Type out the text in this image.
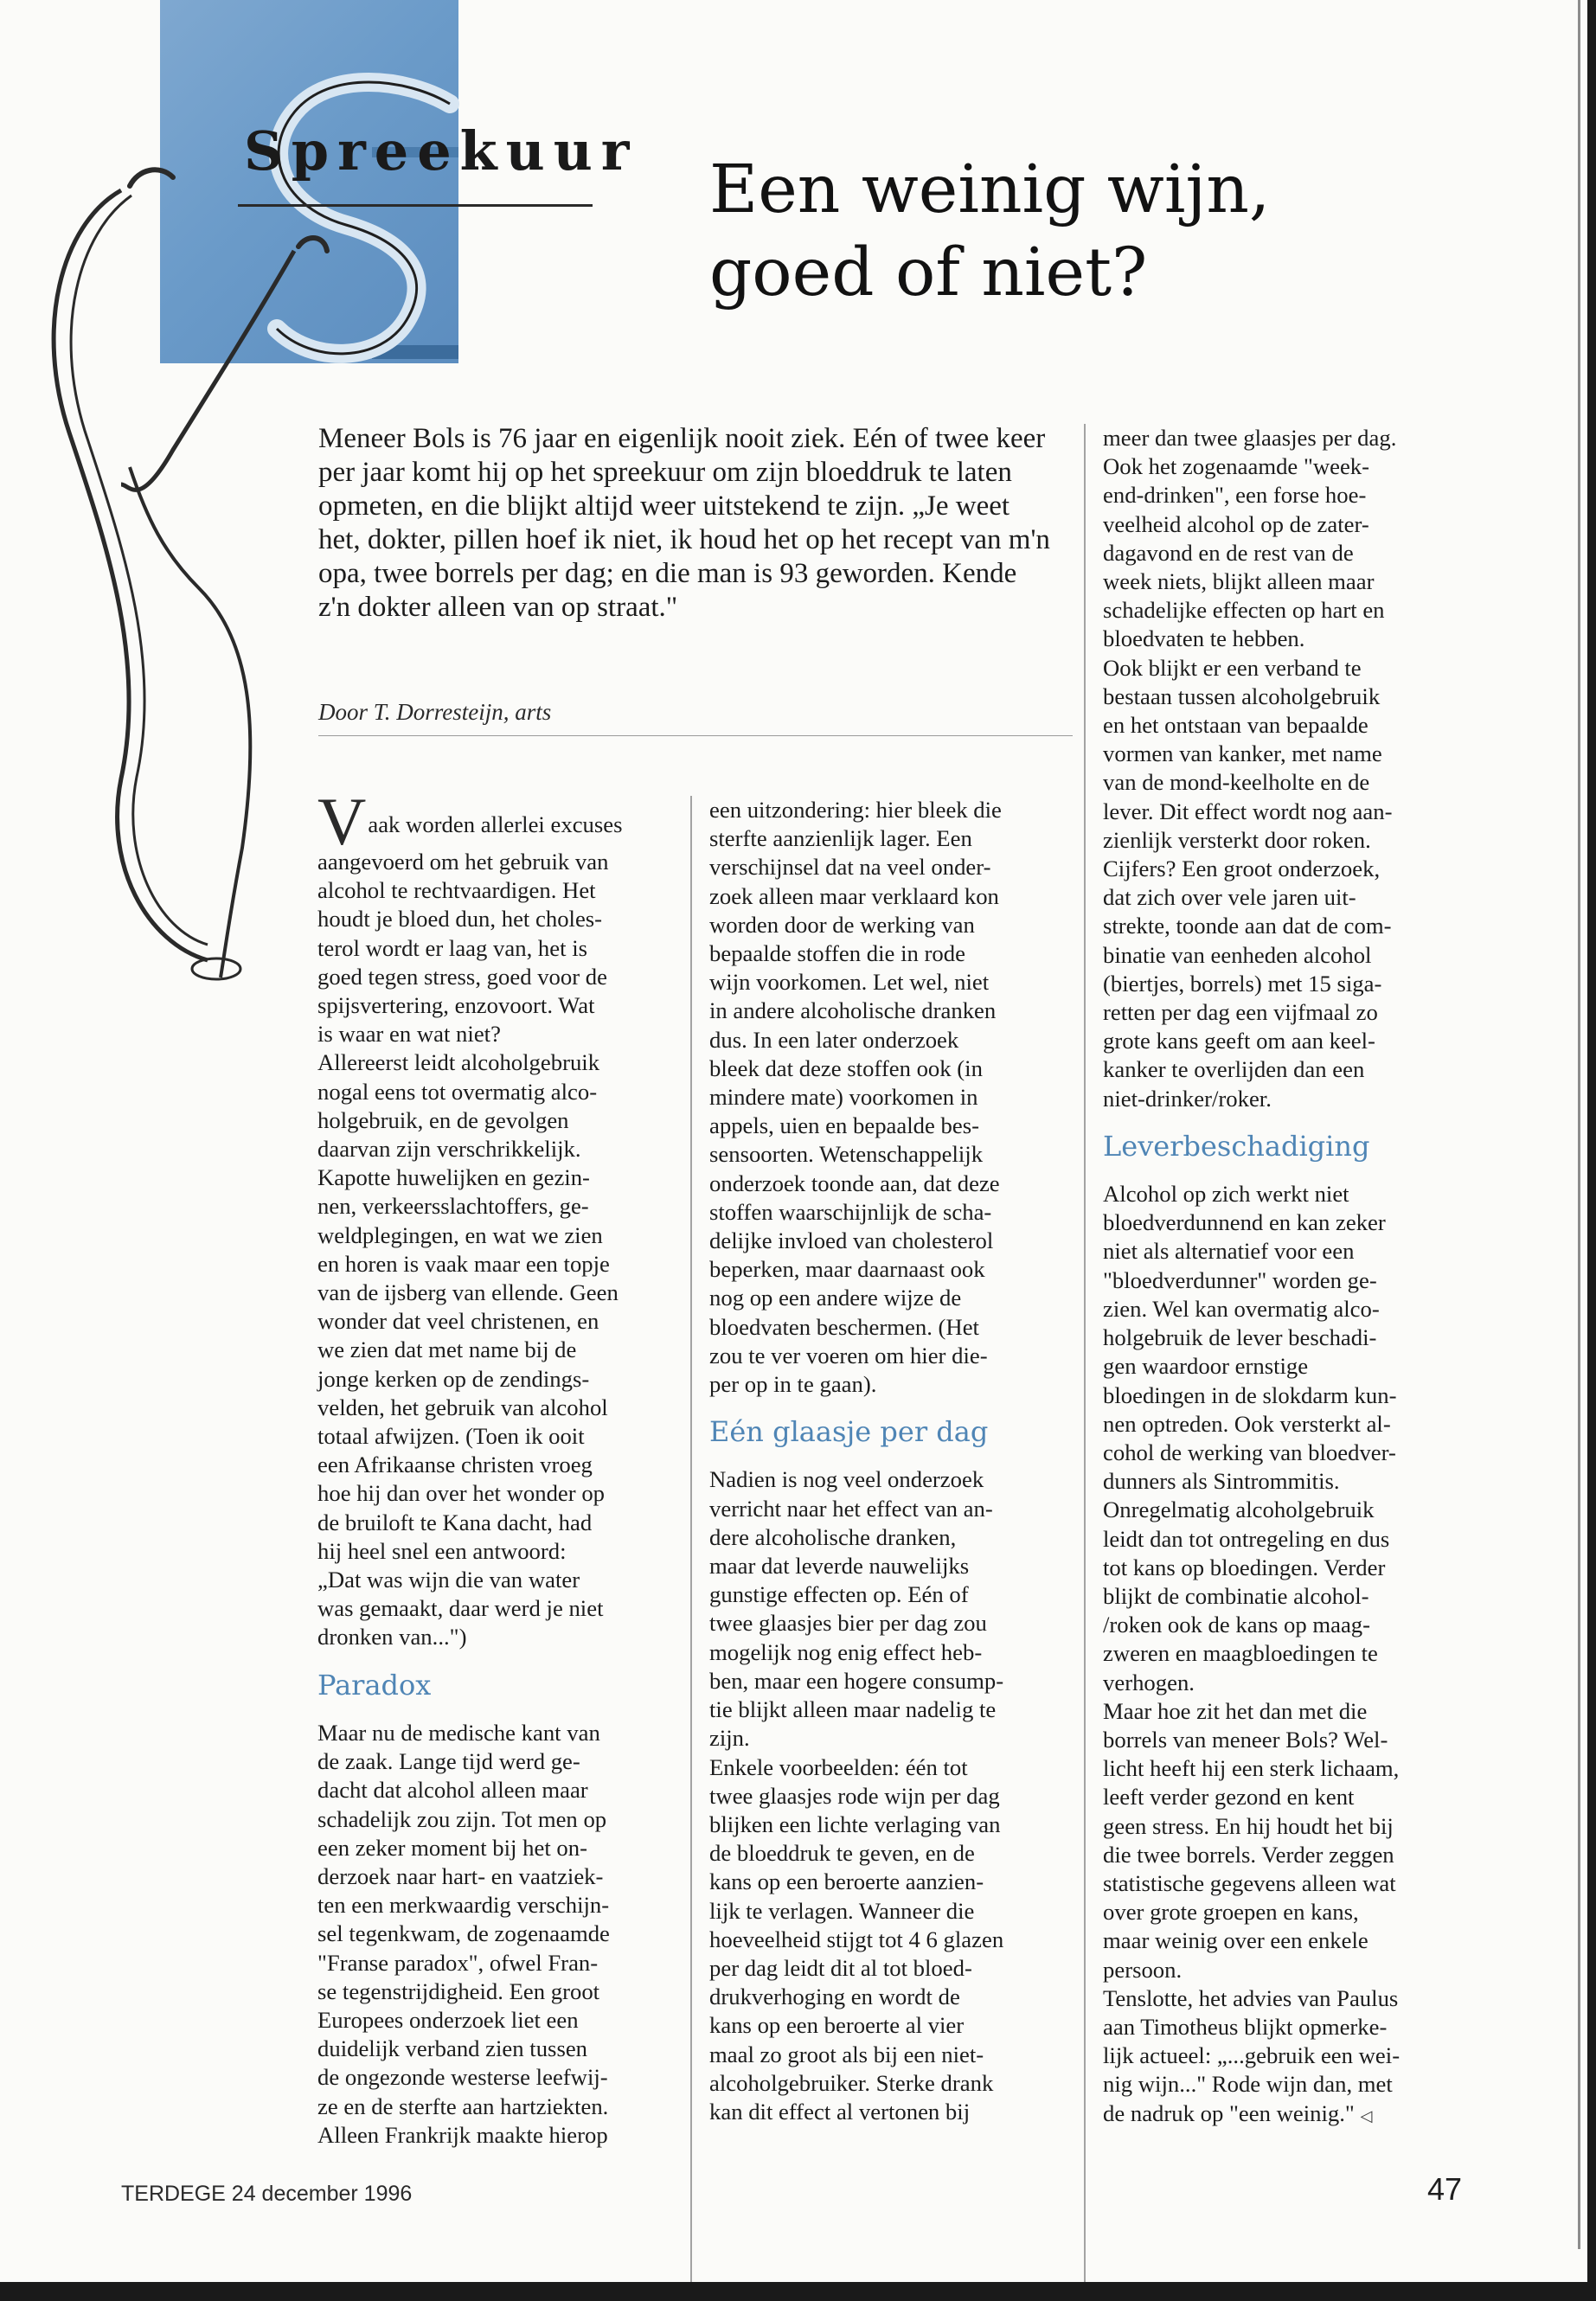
Spreekuur
Een weinig wijn,
goed of niet?

Meneer Bols is 76 jaar en eigenlijk nooit ziek. Eén of twee keer per jaar komt hij op het spreekuur om zijn bloeddruk te laten opmeten, en die blijkt altijd weer uitstekend te zijn. „Je weet het, dokter, pillen hoef ik niet, ik houd het op het recept van m'n opa, twee borrels per dag; en die man is 93 geworden. Kende z'n dokter alleen van op straat."

Door T. Dorresteijn, arts

Vaak worden allerlei excuses

aangevoerd om het gebruik van

alcohol te rechtvaardigen. Het

houdt je bloed dun, het choles-

terol wordt er laag van, het is

goed tegen stress, goed voor de

spijsvertering, enzovoort. Wat

is waar en wat niet?

Allereerst leidt alcoholgebruik

nogal eens tot overmatig alco-

holgebruik, en de gevolgen

daarvan zijn verschrikkelijk.

Kapotte huwelijken en gezin-

nen, verkeersslachtoffers, ge-

weldplegingen, en wat we zien

en horen is vaak maar een topje

van de ijsberg van ellende. Geen

wonder dat veel christenen, en

we zien dat met name bij de

jonge kerken op de zendings-

velden, het gebruik van alcohol

totaal afwijzen. (Toen ik ooit

een Afrikaanse christen vroeg

hoe hij dan over het wonder op

de bruiloft te Kana dacht, had

hij heel snel een antwoord:

„Dat was wijn die van water

was gemaakt, daar werd je niet

dronken van...")

Paradox

Maar nu de medische kant van

de zaak. Lange tijd werd ge-

dacht dat alcohol alleen maar

schadelijk zou zijn. Tot men op

een zeker moment bij het on-

derzoek naar hart- en vaatziek-

ten een merkwaardig verschijn-

sel tegenkwam, de zogenaamde

"Franse paradox", ofwel Fran-

se tegenstrijdigheid. Een groot

Europees onderzoek liet een

duidelijk verband zien tussen

de ongezonde westerse leefwij-

ze en de sterfte aan hartziekten.

Alleen Frankrijk maakte hierop

een uitzondering: hier bleek die

sterfte aanzienlijk lager. Een

verschijnsel dat na veel onder-

zoek alleen maar verklaard kon

worden door de werking van

bepaalde stoffen die in rode

wijn voorkomen. Let wel, niet

in andere alcoholische dranken

dus. In een later onderzoek

bleek dat deze stoffen ook (in

mindere mate) voorkomen in

appels, uien en bepaalde bes-

sensoorten. Wetenschappelijk

onderzoek toonde aan, dat deze

stoffen waarschijnlijk de scha-

delijke invloed van cholesterol

beperken, maar daarnaast ook

nog op een andere wijze de

bloedvaten beschermen. (Het

zou te ver voeren om hier die-

per op in te gaan).

Eén glaasje per dag

Nadien is nog veel onderzoek

verricht naar het effect van an-

dere alcoholische dranken,

maar dat leverde nauwelijks

gunstige effecten op. Eén of

twee glaasjes bier per dag zou

mogelijk nog enig effect heb-

ben, maar een hogere consump-

tie blijkt alleen maar nadelig te

zijn.

Enkele voorbeelden: één tot

twee glaasjes rode wijn per dag

blijken een lichte verlaging van

de bloeddruk te geven, en de

kans op een beroerte aanzien-

lijk te verlagen. Wanneer die

hoeveelheid stijgt tot 4 6 glazen

per dag leidt dit al tot bloed-

drukverhoging en wordt de

kans op een beroerte al vier

maal zo groot als bij een niet-

alcoholgebruiker. Sterke drank

kan dit effect al vertonen bij

meer dan twee glaasjes per dag.

Ook het zogenaamde "week-

end-drinken", een forse hoe-

veelheid alcohol op de zater-

dagavond en de rest van de

week niets, blijkt alleen maar

schadelijke effecten op hart en

bloedvaten te hebben.

Ook blijkt er een verband te

bestaan tussen alcoholgebruik

en het ontstaan van bepaalde

vormen van kanker, met name

van de mond-keelholte en de

lever. Dit effect wordt nog aan-

zienlijk versterkt door roken.

Cijfers? Een groot onderzoek,

dat zich over vele jaren uit-

strekte, toonde aan dat de com-

binatie van eenheden alcohol

(biertjes, borrels) met 15 siga-

retten per dag een vijfmaal zo

grote kans geeft om aan keel-

kanker te overlijden dan een

niet-drinker/roker.

Leverbeschadiging

Alcohol op zich werkt niet

bloedverdunnend en kan zeker

niet als alternatief voor een

"bloedverdunner" worden ge-

zien. Wel kan overmatig alco-

holgebruik de lever beschadi-

gen waardoor ernstige

bloedingen in de slokdarm kun-

nen optreden. Ook versterkt al-

cohol de werking van bloedver-

dunners als Sintrommitis.

Onregelmatig alcoholgebruik

leidt dan tot ontregeling en dus

tot kans op bloedingen. Verder

blijkt de combinatie alcohol-

/roken ook de kans op maag-

zweren en maagbloedingen te

verhogen.

Maar hoe zit het dan met die

borrels van meneer Bols? Wel-

licht heeft hij een sterk lichaam,

leeft verder gezond en kent

geen stress. En hij houdt het bij

die twee borrels. Verder zeggen

statistische gegevens alleen wat

over grote groepen en kans,

maar weinig over een enkele

persoon.

Tenslotte, het advies van Paulus

aan Timotheus blijkt opmerke-

lijk actueel: „...gebruik een wei-

nig wijn..." Rode wijn dan, met

de nadruk op "een weinig." ◁

TERDEGE 24 december 1996	47
